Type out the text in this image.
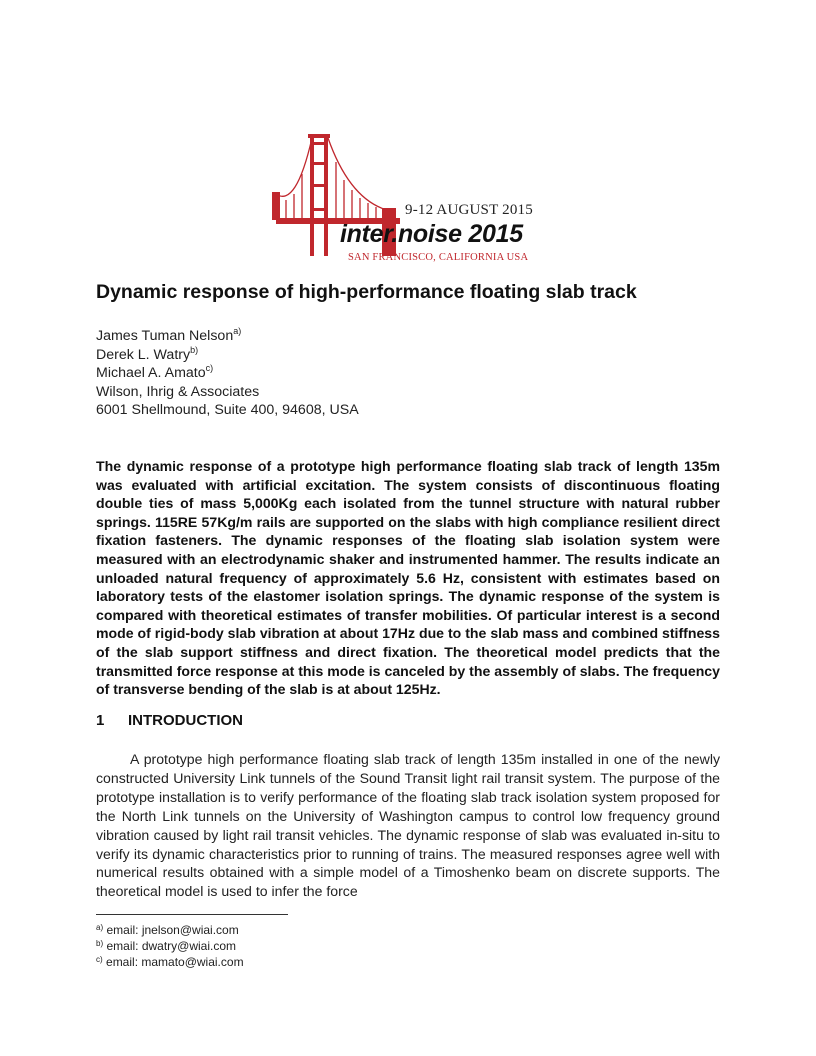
9-12 AUGUST 2015
inter.noise 2015
SAN FRANCISCO, CALIFORNIA USA
Dynamic response of high-performance floating slab track
James Tuman Nelson$^{a)}$
Derek L. Watry$^{b)}$
Michael A. Amato$^{c)}$
Wilson, Ihrig & Associates
6001 Shellmound, Suite 400, 94608, USA

The dynamic response of a prototype high performance floating slab track of length 135m was evaluated with artificial excitation. The system consists of discontinuous floating double ties of mass 5,000Kg each isolated from the tunnel structure with natural rubber springs. 115RE 57Kg/m rails are supported on the slabs with high compliance resilient direct fixation fasteners. The dynamic responses of the floating slab isolation system were measured with an electrodynamic shaker and instrumented hammer. The results indicate an unloaded natural frequency of approximately 5.6 Hz, consistent with estimates based on laboratory tests of the elastomer isolation springs. The dynamic response of the system is compared with theoretical estimates of transfer mobilities. Of particular interest is a second mode of rigid-body slab vibration at about 17Hz due to the slab mass and combined stiffness of the slab support stiffness and direct fixation. The theoretical model predicts that the transmitted force response at this mode is canceled by the assembly of slabs. The frequency of transverse bending of the slab is at about 125Hz.

1 INTRODUCTION

A prototype high performance floating slab track of length 135m installed in one of the newly constructed University Link tunnels of the Sound Transit light rail transit system. The purpose of the prototype installation is to verify performance of the floating slab track isolation system proposed for the North Link tunnels on the University of Washington campus to control low frequency ground vibration caused by light rail transit vehicles. The dynamic response of slab was evaluated in-situ to verify its dynamic characteristics prior to running of trains. The measured responses agree well with numerical results obtained with a simple model of a Timoshenko beam on discrete supports. The theoretical model is used to infer the force

$^{a)}$ email: jnelson@wiai.com
$^{b)}$ email: dwatry@wiai.com
$^{c)}$ email: mamato@wiai.com
